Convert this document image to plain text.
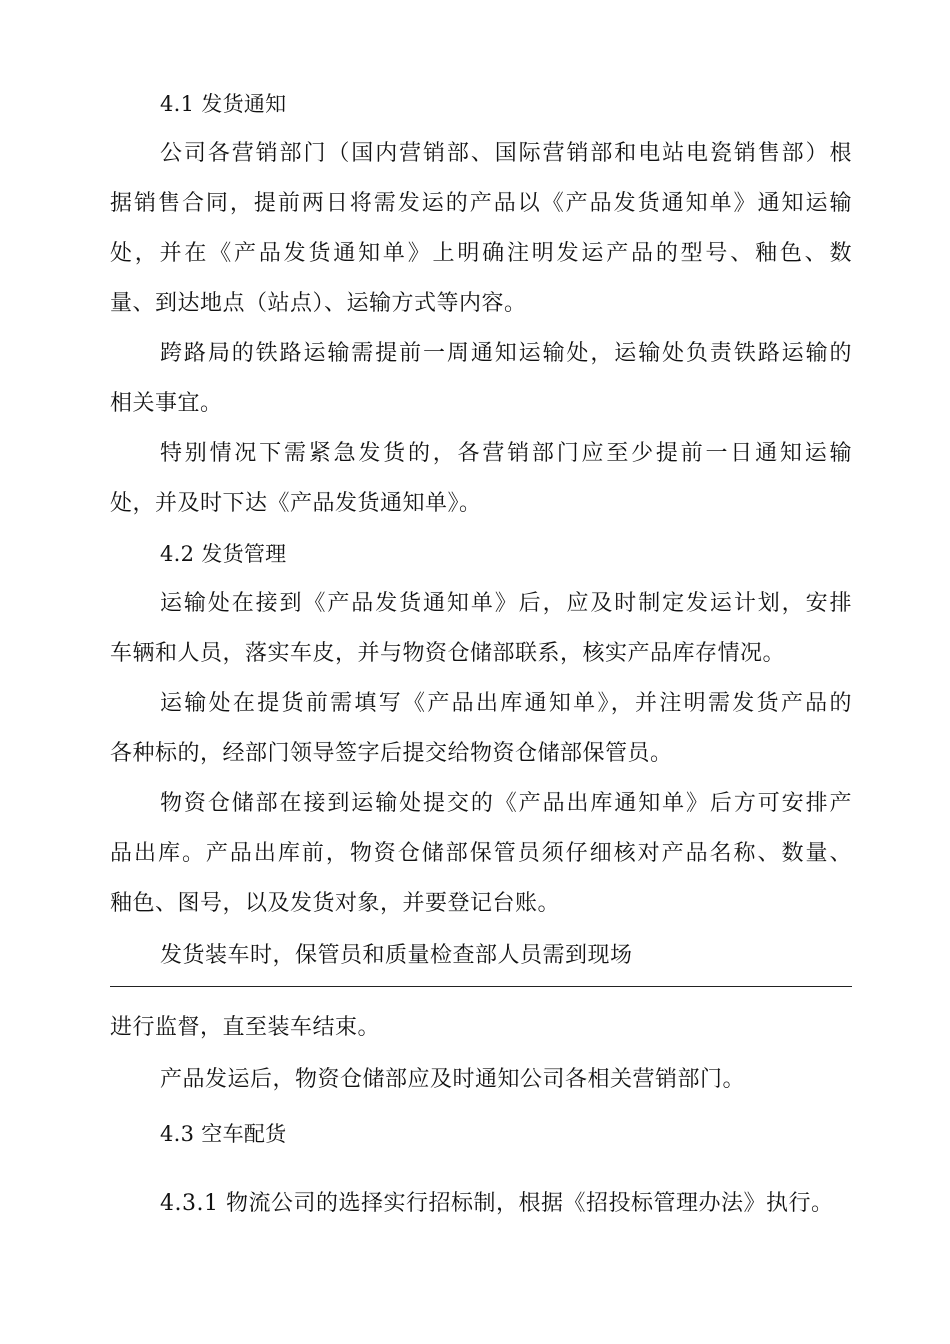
4.1 发货通知
公司各营销部门（国内营销部、国际营销部和电站电瓷销售部）根
据销售合同，提前两日将需发运的产品以《产品发货通知单》通知运输
处，并在《产品发货通知单》上明确注明发运产品的型号、釉色、数
量、到达地点（站点）、运输方式等内容。
跨路局的铁路运输需提前一周通知运输处，运输处负责铁路运输的
相关事宜。
特别情况下需紧急发货的，各营销部门应至少提前一日通知运输
处，并及时下达《产品发货通知单》。
4.2 发货管理
运输处在接到《产品发货通知单》后，应及时制定发运计划，安排
车辆和人员，落实车皮，并与物资仓储部联系，核实产品库存情况。
运输处在提货前需填写《产品出库通知单》，并注明需发货产品的
各种标的，经部门领导签字后提交给物资仓储部保管员。
物资仓储部在接到运输处提交的《产品出库通知单》后方可安排产
品出库。产品出库前，物资仓储部保管员须仔细核对产品名称、数量、
釉色、图号，以及发货对象，并要登记台账。
发货装车时，保管员和质量检查部人员需到现场
进行监督，直至装车结束。
产品发运后，物资仓储部应及时通知公司各相关营销部门。
4.3 空车配货
4.3.1 物流公司的选择实行招标制，根据《招投标管理办法》执行。
